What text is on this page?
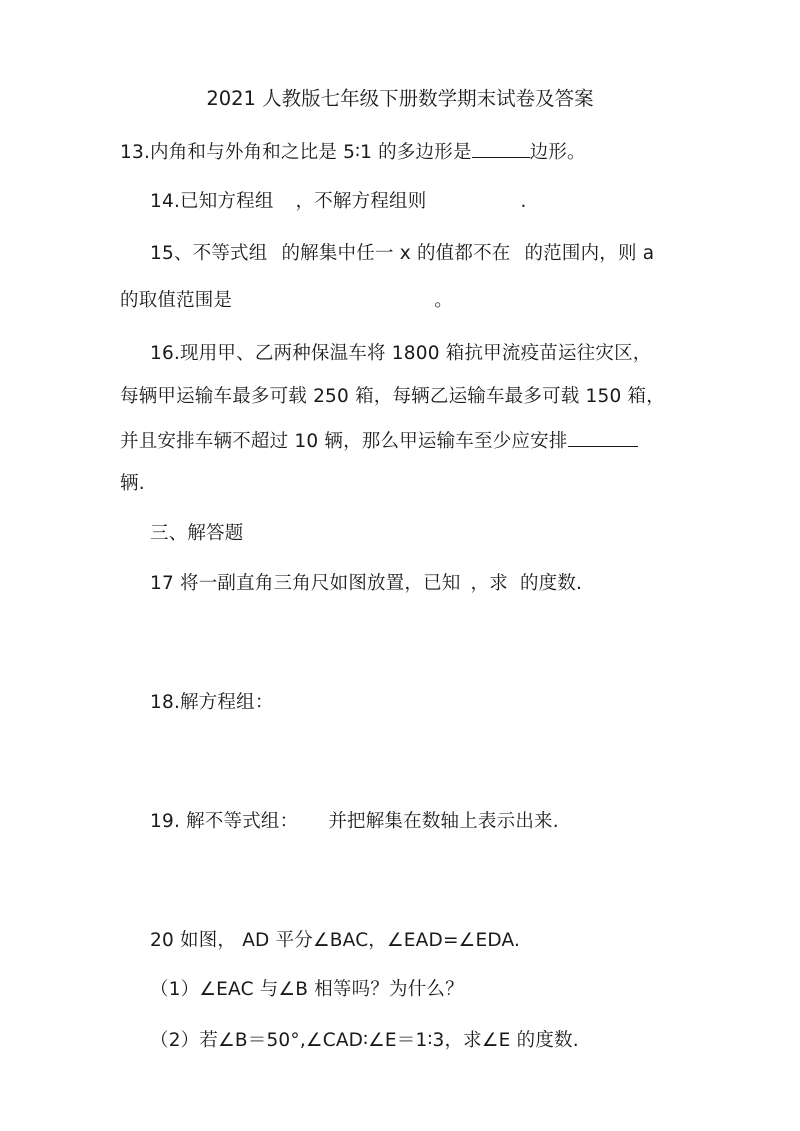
2021 人教版七年级下册数学期末试卷及答案
13.内角和与外角和之比是 5∶1 的多边形是	边形。
14.已知方程组 ，不解方程组则	.
15、不等式组 的解集中任一 x 的值都不在 的范围内，则 a
的取值范围是	。
16.现用甲、乙两种保温车将 1800 箱抗甲流疫苗运往灾区，
每辆甲运输车最多可载 250 箱，每辆乙运输车最多可载 150 箱，
并且安排车辆不超过 10 辆，那么甲运输车至少应安排
辆.
三、解答题
17 将一副直角三角尺如图放置，已知 ，求 的度数.
18.解方程组：
19. 解不等式组： 并把解集在数轴上表示出来.
20 如图， AD 平分∠BAC，∠EAD=∠EDA.
（1）∠EAC 与∠B 相等吗？为什么？
（2）若∠B＝50°,∠CAD∶∠E＝1∶3，求∠E 的度数.
